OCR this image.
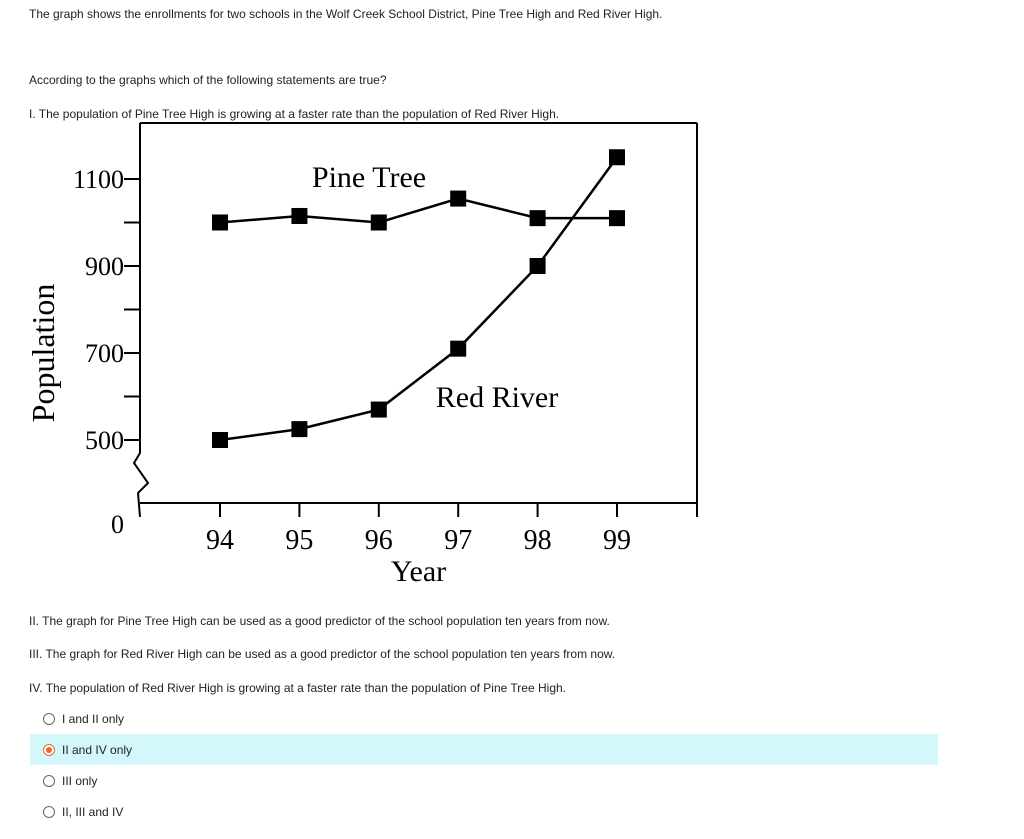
The graph shows the enrollments for two schools in the Wolf Creek School District, Pine Tree High and Red River High.
According to the graphs which of the following statements are true?
I. The population of Pine Tree High is growing at a faster rate than the population of Red River High.
500
700
900
1100
0
Population
94 95 96 97 98 99
Year
Pine Tree
Red River
II. The graph for Pine Tree High can be used as a good predictor of the school population ten years from now.
III. The graph for Red River High can be used as a good predictor of the school population ten years from now.
IV. The population of Red River High is growing at a faster rate than the population of Pine Tree High.
I and II only
II and IV only
III only
II, III and IV
